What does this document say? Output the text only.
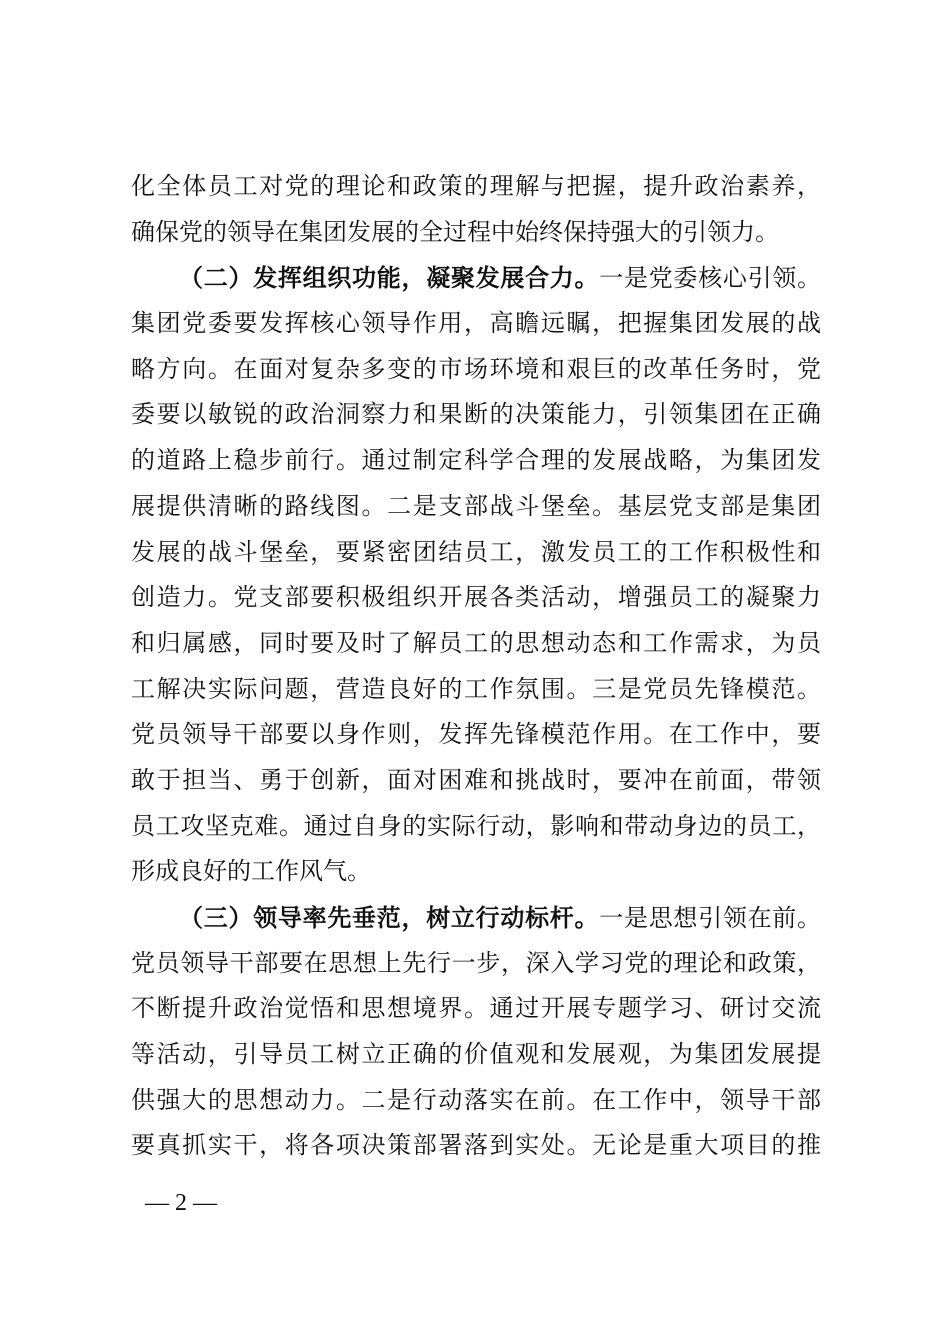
化全体员工对党的理论和政策的理解与把握，提升政治素养，
确保党的领导在集团发展的全过程中始终保持强大的引领力。
（二）发挥组织功能，凝聚发展合力。一是党委核心引领。
集团党委要发挥核心领导作用，高瞻远瞩，把握集团发展的战
略方向。在面对复杂多变的市场环境和艰巨的改革任务时，党
委要以敏锐的政治洞察力和果断的决策能力，引领集团在正确
的道路上稳步前行。通过制定科学合理的发展战略，为集团发
展提供清晰的路线图。二是支部战斗堡垒。基层党支部是集团
发展的战斗堡垒，要紧密团结员工，激发员工的工作积极性和
创造力。党支部要积极组织开展各类活动，增强员工的凝聚力
和归属感，同时要及时了解员工的思想动态和工作需求，为员
工解决实际问题，营造良好的工作氛围。三是党员先锋模范。
党员领导干部要以身作则，发挥先锋模范作用。在工作中，要
敢于担当、勇于创新，面对困难和挑战时，要冲在前面，带领
员工攻坚克难。通过自身的实际行动，影响和带动身边的员工，
形成良好的工作风气。
（三）领导率先垂范，树立行动标杆。一是思想引领在前。
党员领导干部要在思想上先行一步，深入学习党的理论和政策，
不断提升政治觉悟和思想境界。通过开展专题学习、研讨交流
等活动，引导员工树立正确的价值观和发展观，为集团发展提
供强大的思想动力。二是行动落实在前。在工作中，领导干部
要真抓实干，将各项决策部署落到实处。无论是重大项目的推
— 2 —
